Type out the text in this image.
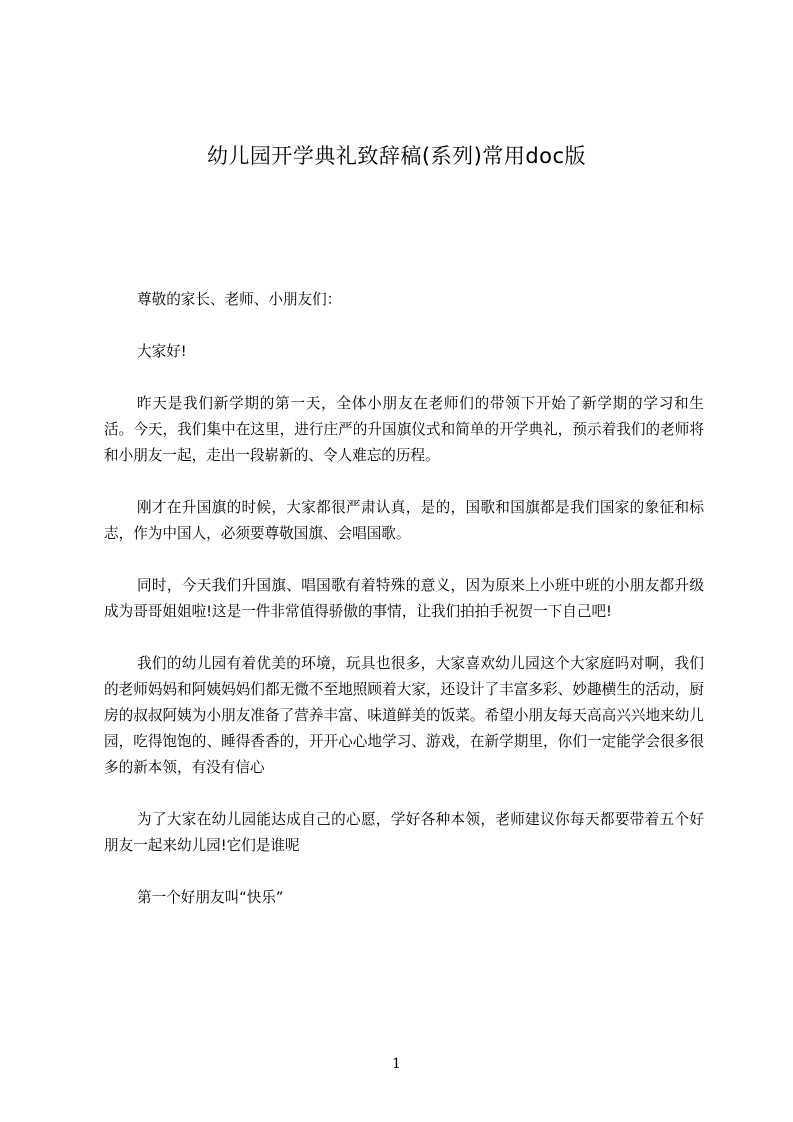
幼儿园开学典礼致辞稿(系列)常用doc版

尊敬的家长、老师、小朋友们：

大家好!

昨天是我们新学期的第一天，全体小朋友在老师们的带领下开始了新学期的学习和生活。今天，我们集中在这里，进行庄严的升国旗仪式和简单的开学典礼，预示着我们的老师将和小朋友一起，走出一段崭新的、令人难忘的历程。

刚才在升国旗的时候，大家都很严肃认真，是的，国歌和国旗都是我们国家的象征和标志，作为中国人，必须要尊敬国旗、会唱国歌。

同时，今天我们升国旗、唱国歌有着特殊的意义，因为原来上小班中班的小朋友都升级成为哥哥姐姐啦!这是一件非常值得骄傲的事情，让我们拍拍手祝贺一下自己吧!

我们的幼儿园有着优美的环境，玩具也很多，大家喜欢幼儿园这个大家庭吗对啊，我们的老师妈妈和阿姨妈妈们都无微不至地照顾着大家，还设计了丰富多彩、妙趣横生的活动，厨房的叔叔阿姨为小朋友准备了营养丰富、味道鲜美的饭菜。希望小朋友每天高高兴兴地来幼儿园，吃得饱饱的、睡得香香的，开开心心地学习、游戏，在新学期里，你们一定能学会很多很多的新本领，有没有信心

为了大家在幼儿园能达成自己的心愿，学好各种本领，老师建议你每天都要带着五个好朋友一起来幼儿园!它们是谁呢

第一个好朋友叫“快乐”

1
